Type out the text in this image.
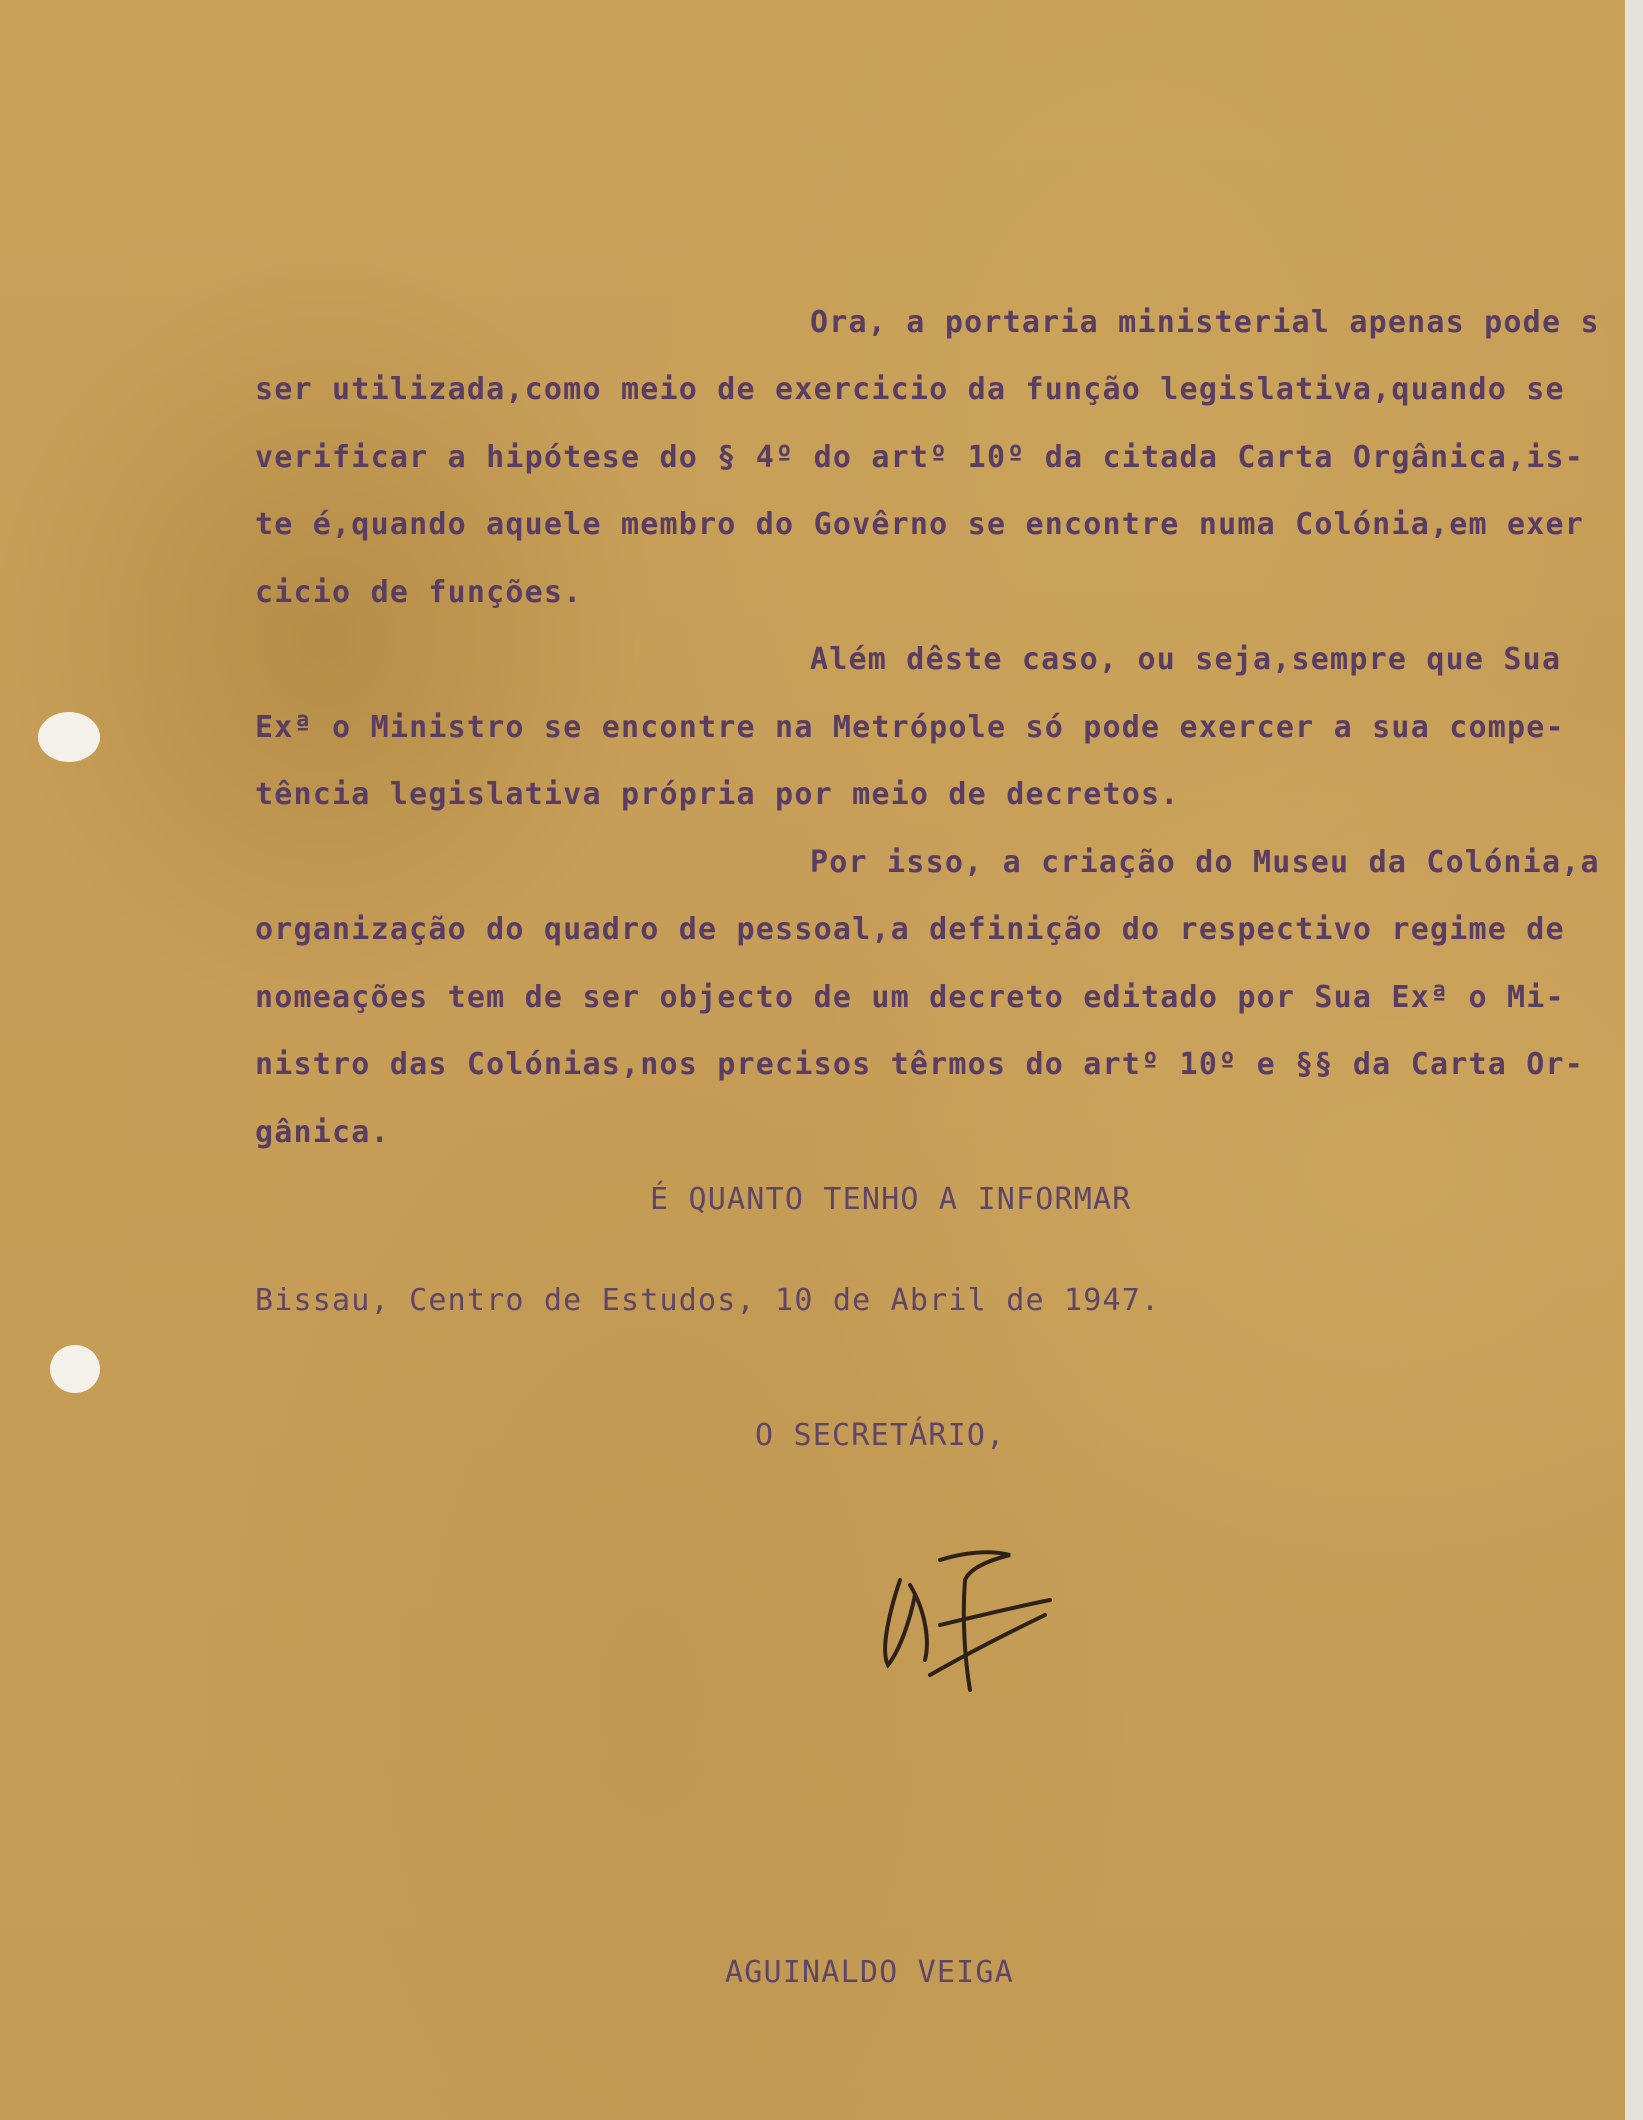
Ora, a portaria ministerial apenas pode s
ser utilizada,como meio de exercicio da função legislativa,quando se
verificar a hipótese do § 4º do artº 10º da citada Carta Orgânica,is-
te é,quando aquele membro do Govêrno se encontre numa Colónia,em exer
cicio de funções.
Além dêste caso, ou seja,sempre que Sua
Exª o Ministro se encontre na Metrópole só pode exercer a sua compe-
tência legislativa própria por meio de decretos.
Por isso, a criação do Museu da Colónia,a
organização do quadro de pessoal,a definição do respectivo regime de
nomeações tem de ser objecto de um decreto editado por Sua Exª o Mi-
nistro das Colónias,nos precisos têrmos do artº 10º e §§ da Carta Or-
gânica.
É QUANTO TENHO A INFORMAR
Bissau, Centro de Estudos, 10 de Abril de 1947.
O SECRETÁRIO,
AGUINALDO VEIGA
